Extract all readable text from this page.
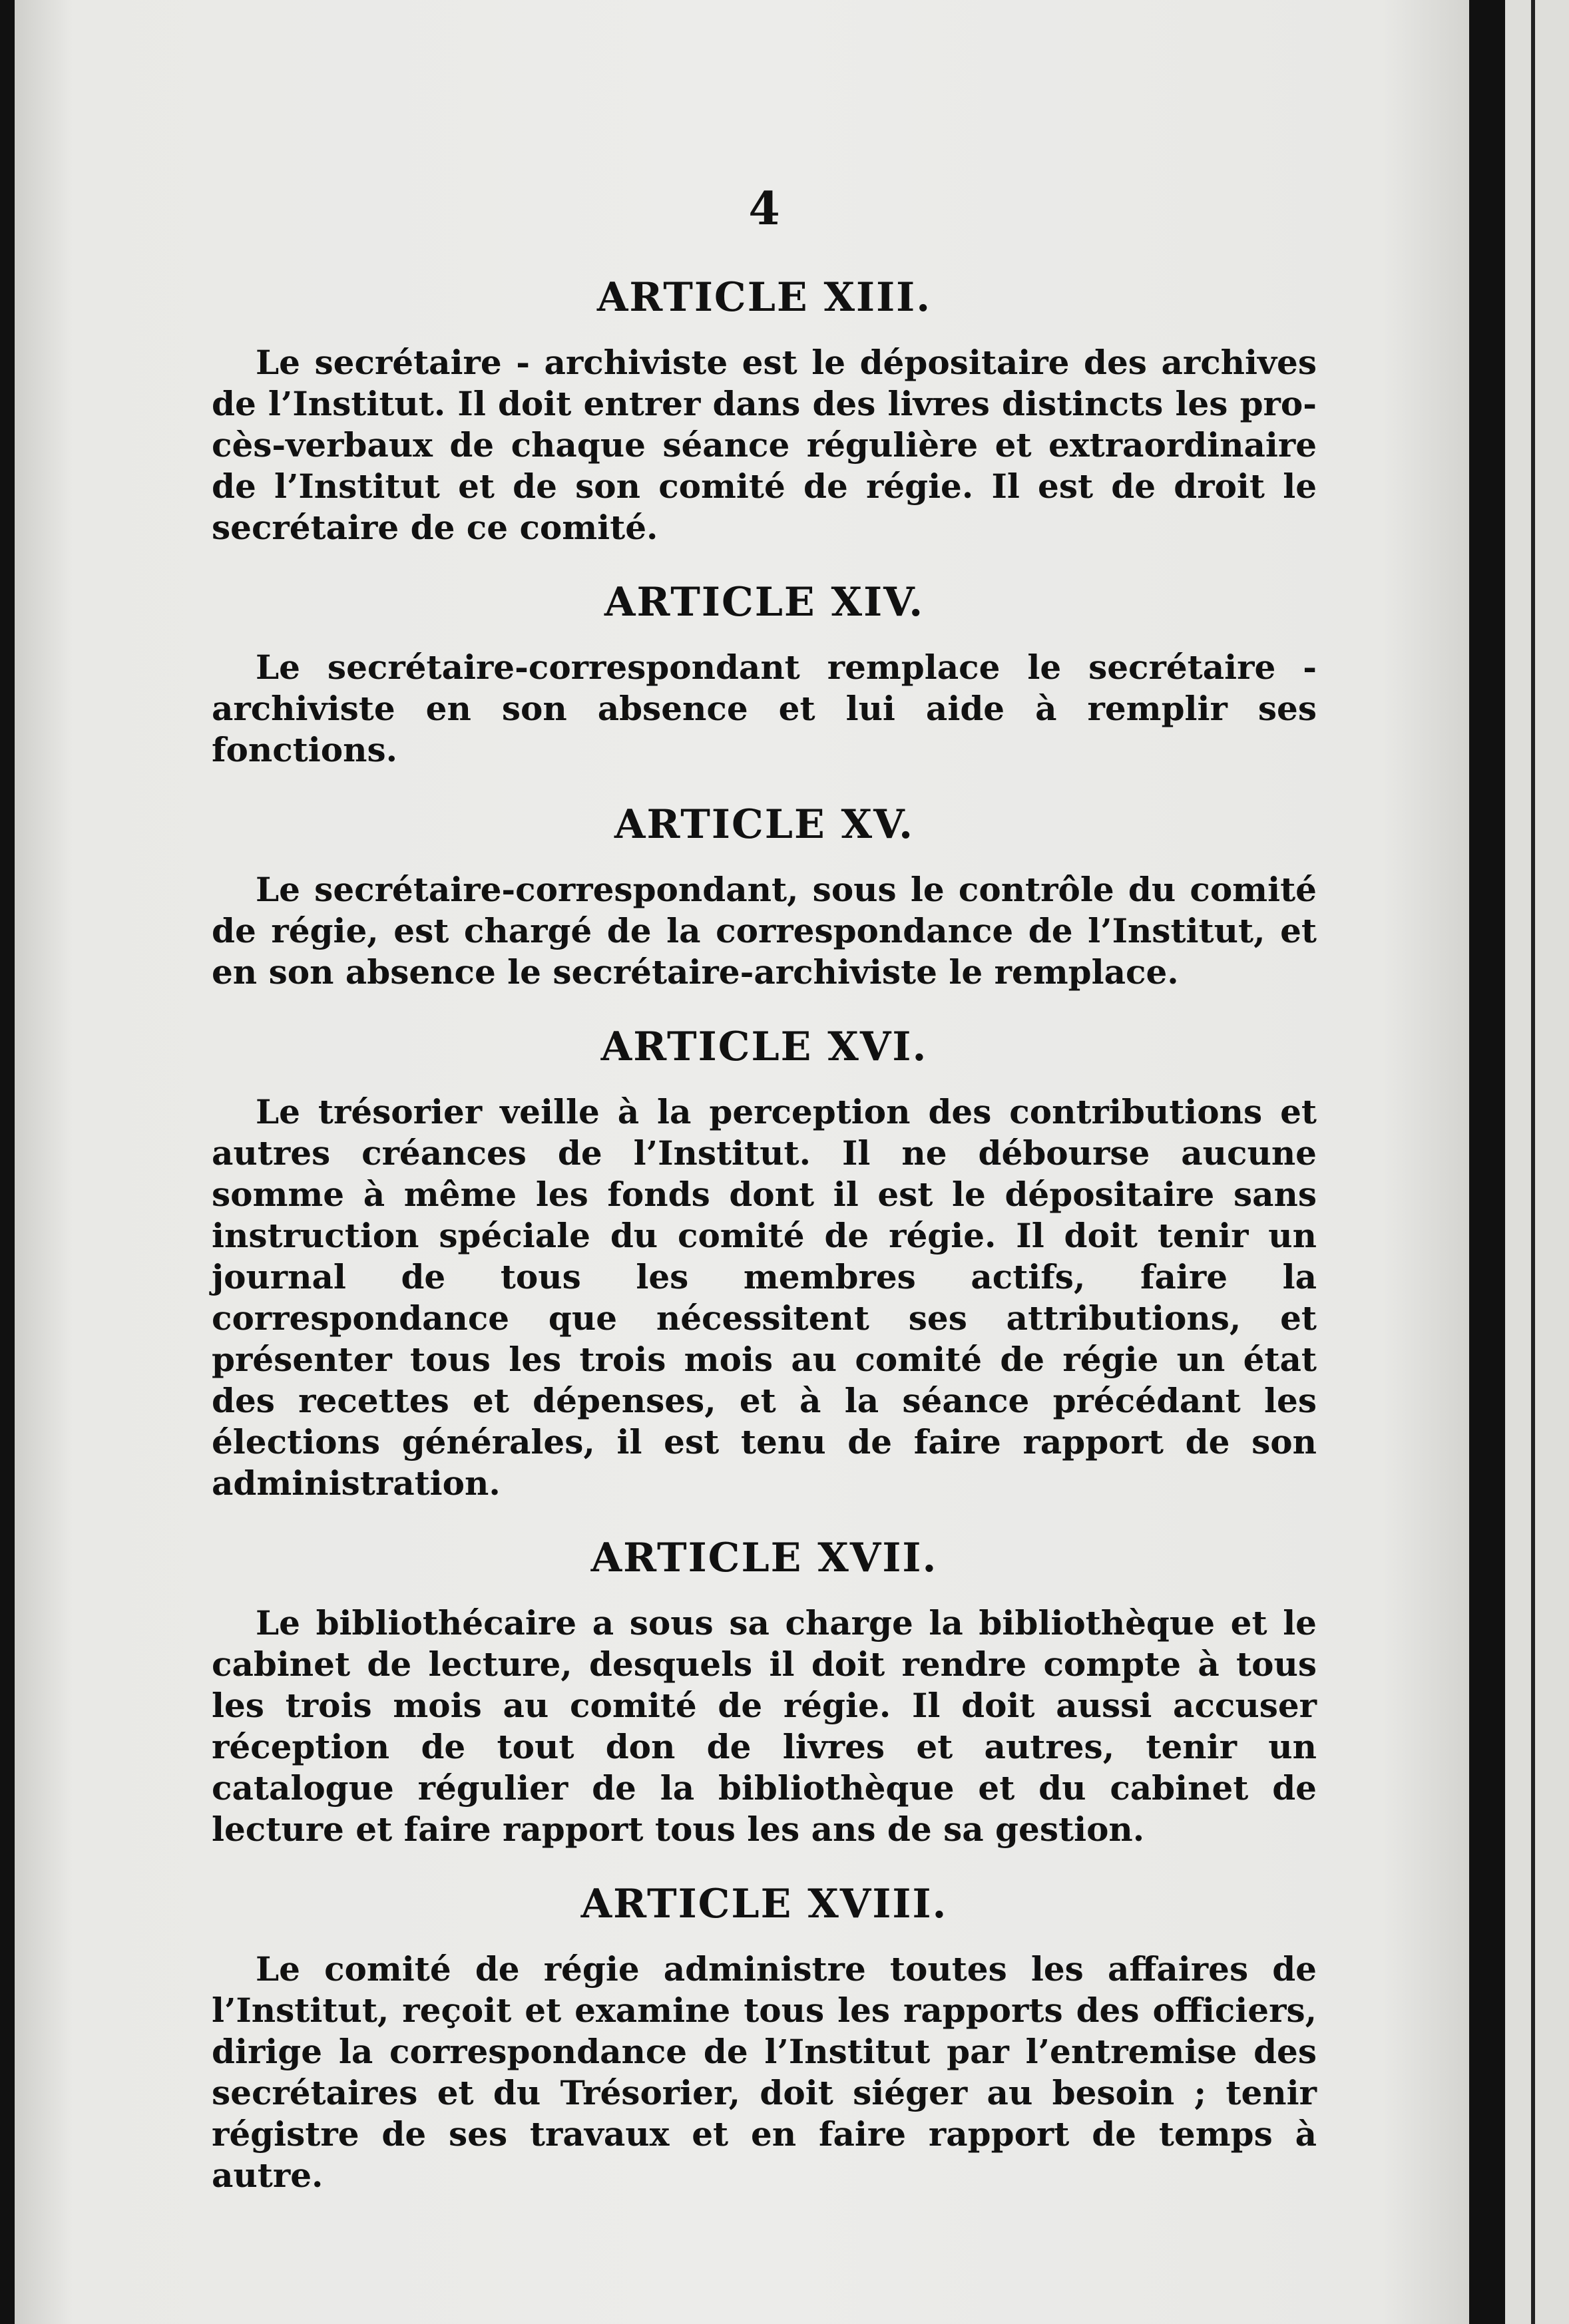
4
ARTICLE XIII.

Le secrétaire - archiviste est le dépositaire des archives de l’Institut. Il doit entrer dans des livres distincts les procès-verbaux de chaque séance régulière et extraordinaire de l’Institut et de son comité de régie. Il est de droit le secrétaire de ce comité.

ARTICLE XIV.

Le secrétaire-correspondant remplace le secrétaire - archiviste en son absence et lui aide à remplir ses fonctions.

ARTICLE XV.

Le secrétaire-correspondant, sous le contrôle du comité de régie, est chargé de la correspondance de l’Institut, et en son absence le secrétaire-archiviste le remplace.

ARTICLE XVI.

Le trésorier veille à la perception des contributions et autres créances de l’Institut. Il ne débourse aucune somme à même les fonds dont il est le dépositaire sans instruction spéciale du comité de régie. Il doit tenir un journal de tous les membres actifs, faire la correspondance que nécessitent ses attributions, et présenter tous les trois mois au comité de régie un état des recettes et dépenses, et à la séance précédant les élections générales, il est tenu de faire rapport de son administration.

ARTICLE XVII.

Le bibliothécaire a sous sa charge la bibliothèque et le cabinet de lecture, desquels il doit rendre compte à tous les trois mois au comité de régie. Il doit aussi accuser réception de tout don de livres et autres, tenir un catalogue régulier de la bibliothèque et du cabinet de lecture et faire rapport tous les ans de sa gestion.

ARTICLE XVIII.

Le comité de régie administre toutes les affaires de l’Institut, reçoit et examine tous les rapports des officiers, dirige la correspondance de l’Institut par l’entremise des secrétaires et du Trésorier, doit siéger au besoin ; tenir régistre de ses travaux et en faire rapport de temps à autre.
